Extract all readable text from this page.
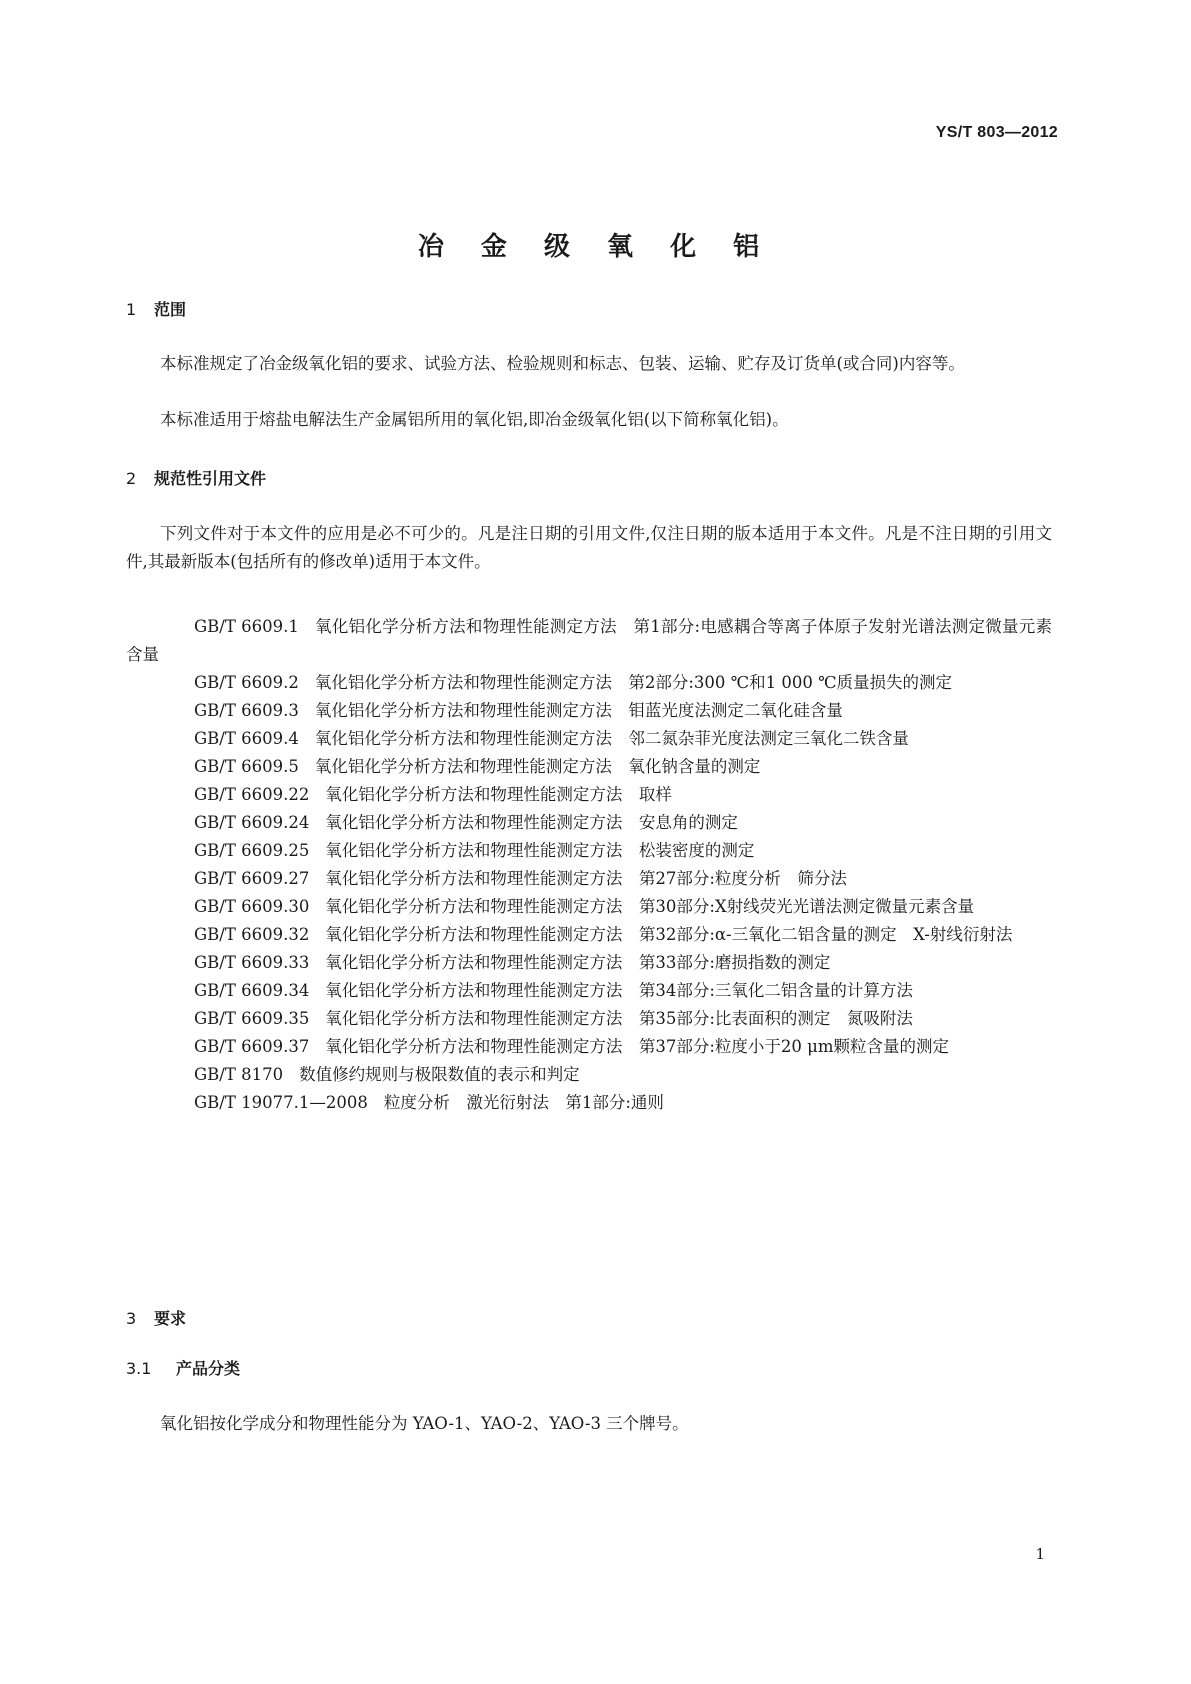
YS/T 803—2012
冶 金 级 氧 化 铝
1 范围

本标准规定了冶金级氧化铝的要求、试验方法、检验规则和标志、包装、运输、贮存及订货单(或合同)内容等。

本标准适用于熔盐电解法生产金属铝所用的氧化铝,即冶金级氧化铝(以下简称氧化铝)。

2 规范性引用文件

下列文件对于本文件的应用是必不可少的。凡是注日期的引用文件,仅注日期的版本适用于本文件。凡是不注日期的引用文件,其最新版本(包括所有的修改单)适用于本文件。

GB/T 6609.1 氧化铝化学分析方法和物理性能测定方法　第1部分:电感耦合等离子体原子发射光谱法测定微量元素含量
GB/T 6609.2 氧化铝化学分析方法和物理性能测定方法　第2部分:300 ℃和1 000 ℃质量损失的测定
GB/T 6609.3 氧化铝化学分析方法和物理性能测定方法　钼蓝光度法测定二氧化硅含量
GB/T 6609.4 氧化铝化学分析方法和物理性能测定方法　邻二氮杂菲光度法测定三氧化二铁含量
GB/T 6609.5 氧化铝化学分析方法和物理性能测定方法　氧化钠含量的测定
GB/T 6609.22 氧化铝化学分析方法和物理性能测定方法　取样
GB/T 6609.24 氧化铝化学分析方法和物理性能测定方法　安息角的测定
GB/T 6609.25 氧化铝化学分析方法和物理性能测定方法　松装密度的测定
GB/T 6609.27 氧化铝化学分析方法和物理性能测定方法　第27部分:粒度分析　筛分法
GB/T 6609.30 氧化铝化学分析方法和物理性能测定方法　第30部分:X射线荧光光谱法测定微量元素含量
GB/T 6609.32 氧化铝化学分析方法和物理性能测定方法　第32部分:α-三氧化二铝含量的测定　X-射线衍射法
GB/T 6609.33 氧化铝化学分析方法和物理性能测定方法　第33部分:磨损指数的测定
GB/T 6609.34 氧化铝化学分析方法和物理性能测定方法　第34部分:三氧化二铝含量的计算方法
GB/T 6609.35 氧化铝化学分析方法和物理性能测定方法　第35部分:比表面积的测定　氮吸附法
GB/T 6609.37 氧化铝化学分析方法和物理性能测定方法　第37部分:粒度小于20 μm颗粒含量的测定
GB/T 8170 数值修约规则与极限数值的表示和判定
GB/T 19077.1—2008 粒度分析　激光衍射法　第1部分:通则
3 要求
3.1 产品分类

氧化铝按化学成分和物理性能分为 YAO-1、YAO-2、YAO-3 三个牌号。

1
